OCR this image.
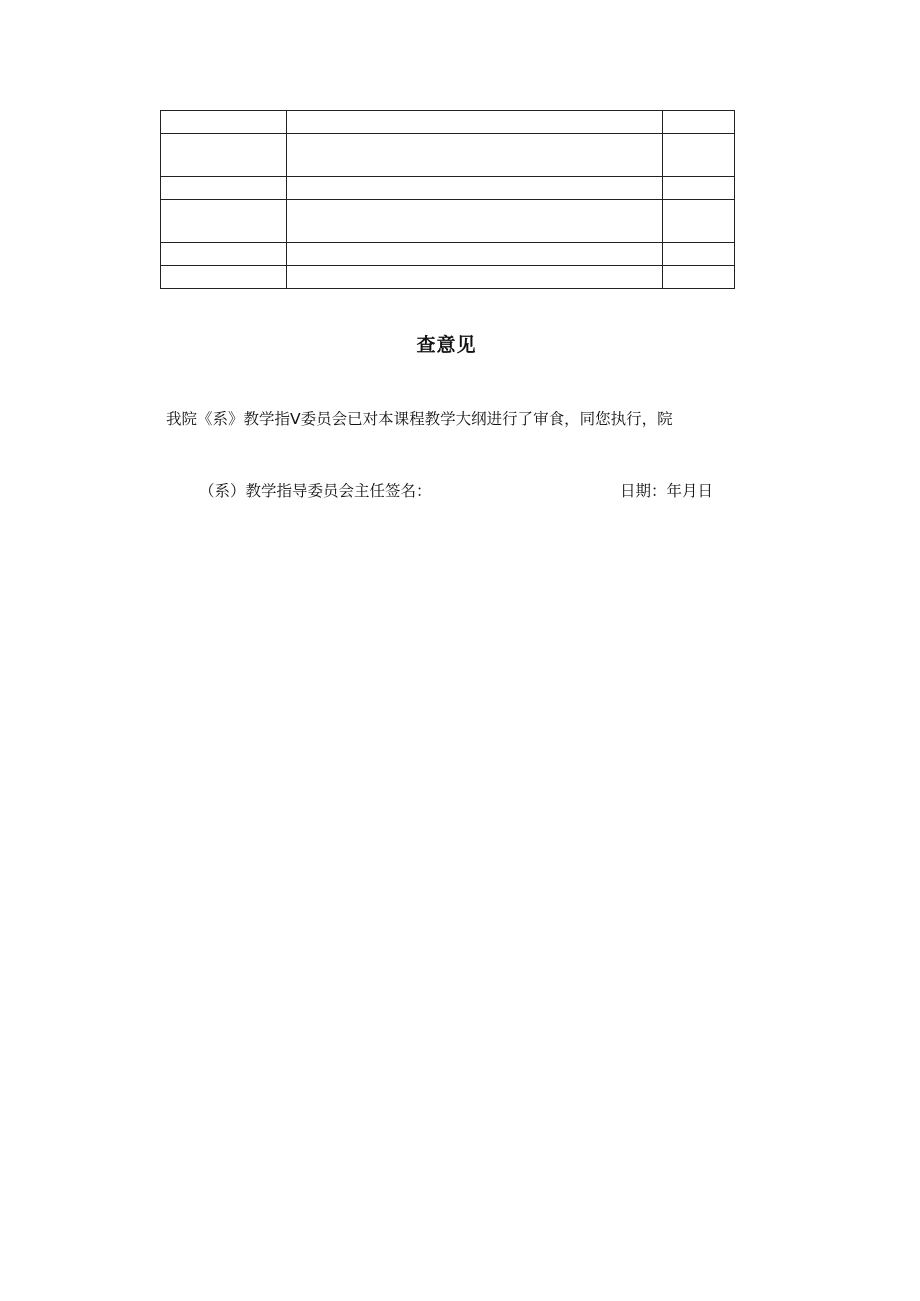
查意见
我院《系》教学指V委员会已对本课程教学大纲进行了审食，同您执行，院
（系）教学指导委员会主任签名：	日期：年月日
